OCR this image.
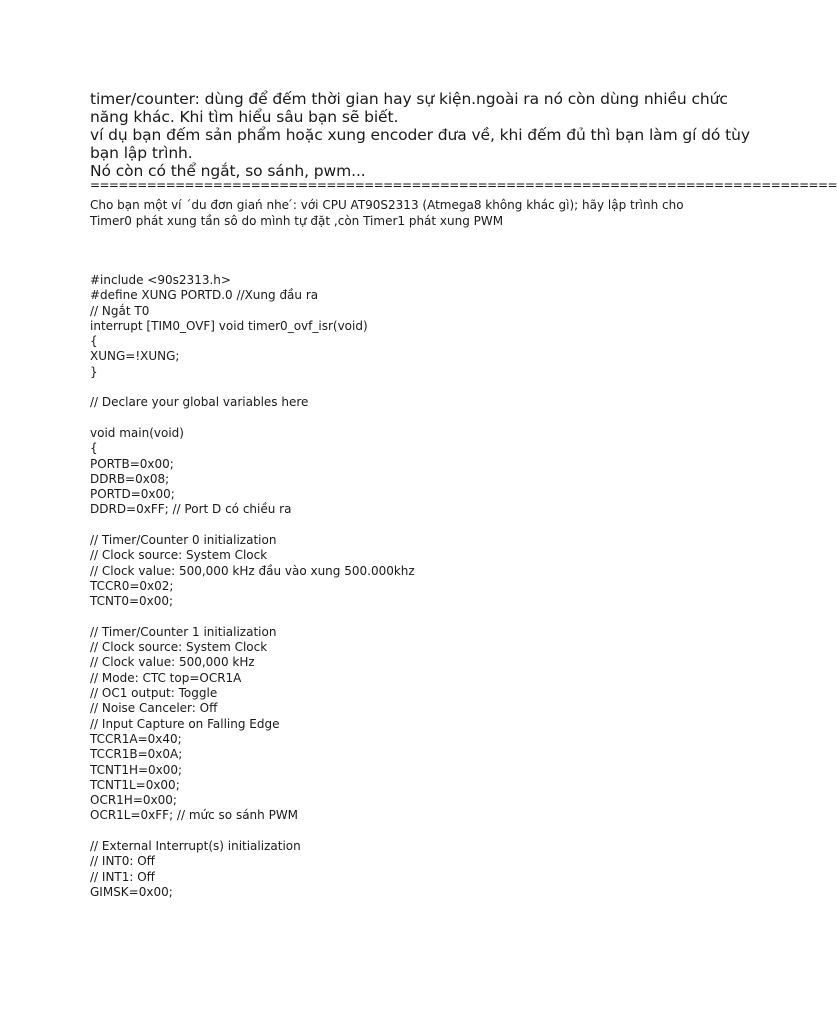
timer/counter: dùng để đếm thời gian hay sự kiện.ngoài ra nó còn dùng nhiều chức

năng khác. Khi tìm hiểu sâu bạn sẽ biết.

ví dụ bạn đếm sản phẩm hoặc xung encoder đưa về, khi đếm đủ thì bạn làm gí dó tùy

bạn lập trình.

Nó còn có thể ngắt, so sánh, pwm...

===============================================================================

Cho bạn một ví ´du đơn giań nhe ́: với CPU AT90S2313 (Atmega8 không khác gì); hãy lập trình cho

Timer0 phát xung tần sô do mình tự đặt ,còn Timer1 phát xung PWM

#include <90s2313.h>
#define XUNG PORTD.0 //Xung đầu ra
// Ngắt T0
interrupt [TIM0_OVF] void timer0_ovf_isr(void)
{
XUNG=!XUNG;
}
// Declare your global variables here
void main(void)
{
PORTB=0x00;
DDRB=0x08;
PORTD=0x00;
DDRD=0xFF; // Port D có chiều ra
// Timer/Counter 0 initialization
// Clock source: System Clock
// Clock value: 500,000 kHz đầu vào xung 500.000khz
TCCR0=0x02;
TCNT0=0x00;
// Timer/Counter 1 initialization
// Clock source: System Clock
// Clock value: 500,000 kHz
// Mode: CTC top=OCR1A
// OC1 output: Toggle
// Noise Canceler: Off
// Input Capture on Falling Edge
TCCR1A=0x40;
TCCR1B=0x0A;
TCNT1H=0x00;
TCNT1L=0x00;
OCR1H=0x00;
OCR1L=0xFF; // mức so sánh PWM
// External Interrupt(s) initialization
// INT0: Off
// INT1: Off
GIMSK=0x00;
